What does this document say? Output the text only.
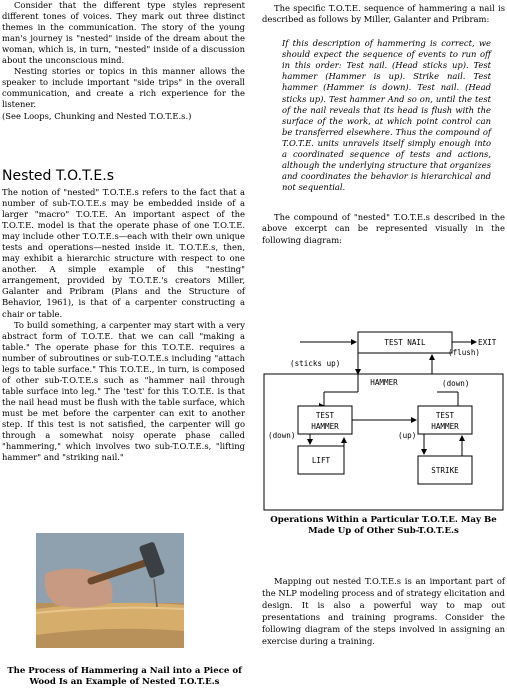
Consider that the different type styles represent different tones of voices. They mark out three distinct themes in the communication. The story of the young man's journey is "nested" inside of the dream about the woman, which is, in turn, "nested" inside of a discussion about the unconscious mind.

Nesting stories or topics in this manner allows the speaker to include important "side trips" in the overall communication, and create a rich experience for the listener.

(See Loops, Chunking and Nested T.O.T.E.s.)

Nested T.O.T.E.s

The notion of "nested" T.O.T.E.s refers to the fact that a number of sub-T.O.T.E.s may be embedded inside of a larger "macro" T.O.T.E. An important aspect of the T.O.T.E. model is that the operate phase of one T.O.T.E. may include other T.O.T.E.s—each with their own unique tests and operations—nested inside it. T.O.T.E.s, then, may exhibit a hierarchic structure with respect to one another. A simple example of this "nesting" arrangement, provided by T.O.T.E.'s creators Miller, Galanter and Pribram (Plans and the Structure of Behavior, 1961), is that of a carpenter constructing a chair or table.

To build something, a carpenter may start with a very abstract form of T.O.T.E. that we can call "making a table." The operate phase for this T.O.T.E. requires a number of subroutines or sub-T.O.T.E.s including "attach legs to table surface." This T.O.T.E., in turn, is composed of other sub-T.O.T.E.s such as "hammer nail through table surface into leg." The 'test' for this T.O.T.E. is that the nail head must be flush with the table surface, which must be met before the carpenter can exit to another step. If this test is not satisfied, the carpenter will go through a somewhat noisy operate phase called "hammering," which involves two sub-T.O.T.E.s, "lifting hammer" and "striking nail."

The Process of Hammering a Nail into a Piece of Wood Is an Example of Nested T.O.T.E.s

The specific T.O.T.E. sequence of hammering a nail is described as follows by Miller, Galanter and Pribram:

If this description of hammering is correct, we should expect the sequence of events to run off in this order: Test nail. (Head sticks up). Test hammer (Hammer is up). Strike nail. Test hammer (Hammer is down). Test nail. (Head sticks up). Test hammer And so on, until the test of the nail reveals that its head is flush with the surface of the work, at which point control can be transferred elsewhere. Thus the compound of T.O.T.E. units unravels itself simply enough into a coordinated sequence of tests and actions, although the underlying structure that organizes and coordinates the behavior is hierarchical and not sequential.

The compound of "nested" T.O.T.E.s described in the above excerpt can be represented visually in the following diagram:

TEST NAIL	EXIT
(flush)
(sticks up)
HAMMER
TEST
HAMMER
TEST
HAMMER
(down)
(down)
LIFT
(up)
STRIKE
Operations Within a Particular T.O.T.E. May Be Made Up of Other Sub-T.O.T.E.s

Mapping out nested T.O.T.E.s is an important part of the NLP modeling process and of strategy elicitation and design. It is also a powerful way to map out presentations and training programs. Consider the following diagram of the steps involved in assigning an exercise during a training.
